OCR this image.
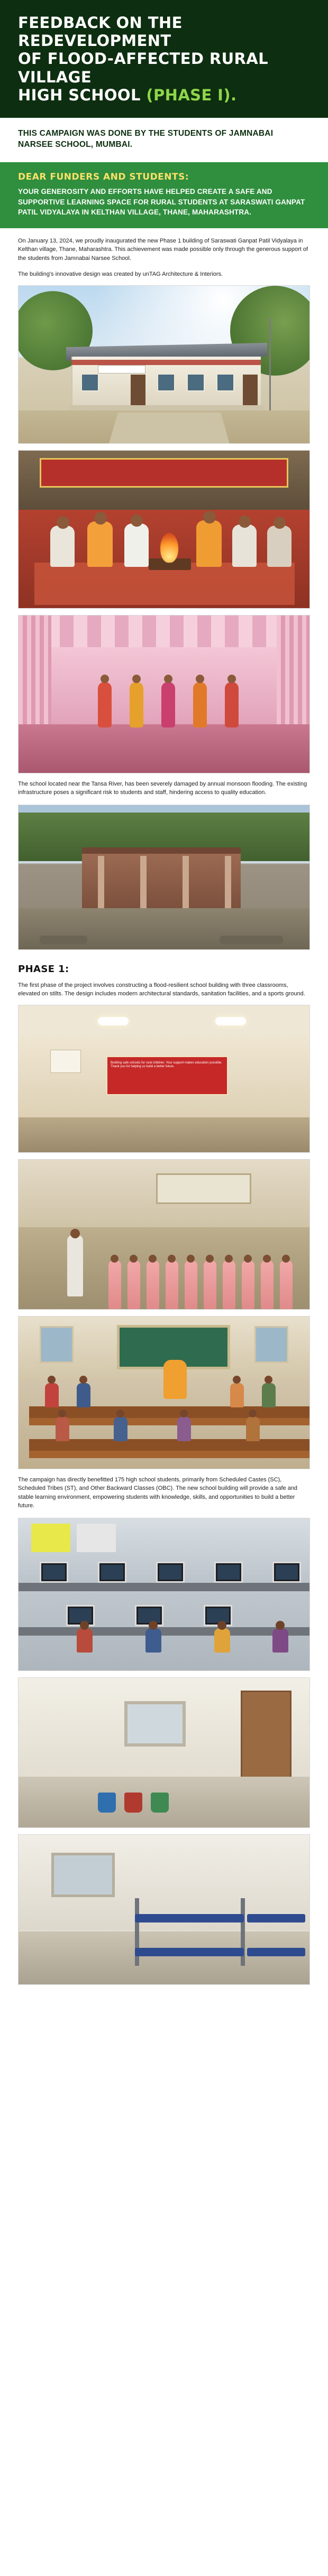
FEEDBACK ON THE REDEVELOPMENT
OF FLOOD-AFFECTED RURAL VILLAGE
HIGH SCHOOL (PHASE I).
THIS CAMPAIGN WAS DONE BY THE STUDENTS OF JAMNABAI NARSEE SCHOOL, MUMBAI.
DEAR FUNDERS AND STUDENTS:
YOUR GENEROSITY AND EFFORTS HAVE HELPED CREATE A SAFE AND SUPPORTIVE LEARNING SPACE FOR RURAL STUDENTS AT SARASWATI GANPAT PATIL VIDYALAYA IN KELTHAN VILLAGE, THANE, MAHARASHTRA.

On January 13, 2024, we proudly inaugurated the new Phase 1 building of Saraswati Ganpat Patil Vidyalaya in Kelthan village, Thane, Maharashtra. This achievement was made possible only through the generous support of the students from Jamnabai Narsee School.

The building's innovative design was created by unTAG Architecture & Interiors.

The school located near the Tansa River, has been severely damaged by annual monsoon flooding. The existing infrastructure poses a significant risk to students and staff, hindering access to quality education.

PHASE 1:

The first phase of the project involves constructing a flood-resilient school building with three classrooms, elevated on stilts. The design includes modern architectural standards, sanitation facilities, and a sports ground.

Building safe schools for rural children. Your support makes education possible. Thank you for helping us build a better future.

The campaign has directly benefitted 175 high school students, primarily from Scheduled Castes (SC), Scheduled Tribes (ST), and Other Backward Classes (OBC). The new school building will provide a safe and stable learning environment, empowering students with knowledge, skills, and opportunities to build a better future.
